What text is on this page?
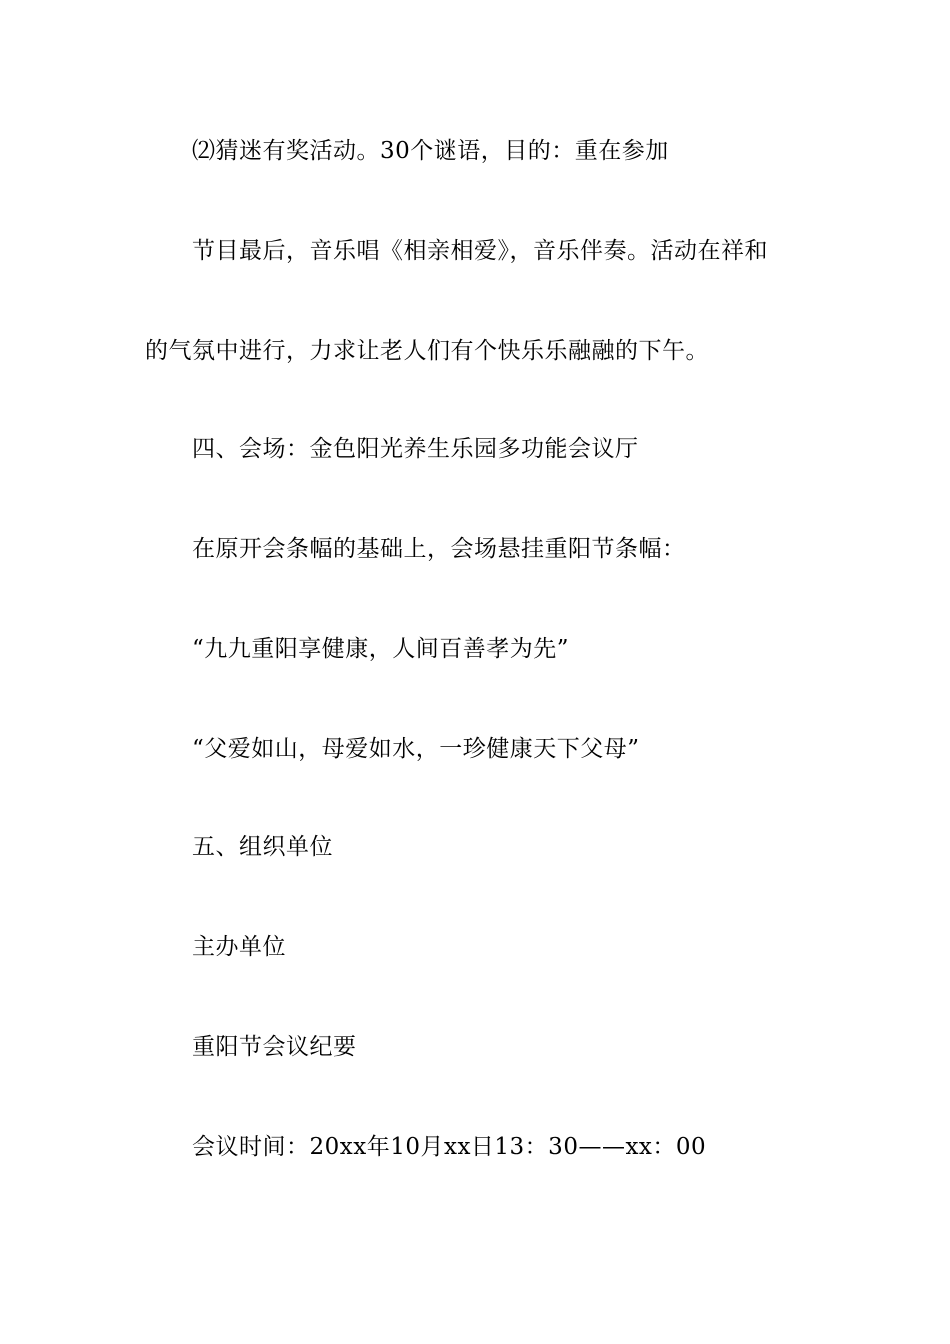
⑵猜迷有奖活动。30个谜语，目的：重在参加
节目最后，音乐唱《相亲相爱》，音乐伴奏。活动在祥和
的气氛中进行，力求让老人们有个快乐乐融融的下午。
四、会场：金色阳光养生乐园多功能会议厅
在原开会条幅的基础上，会场悬挂重阳节条幅：
“九九重阳享健康，人间百善孝为先”
“父爱如山，母爱如水，一珍健康天下父母”
五、组织单位
主办单位
重阳节会议纪要
会议时间：20xx年10月xx日13：30——xx：00
